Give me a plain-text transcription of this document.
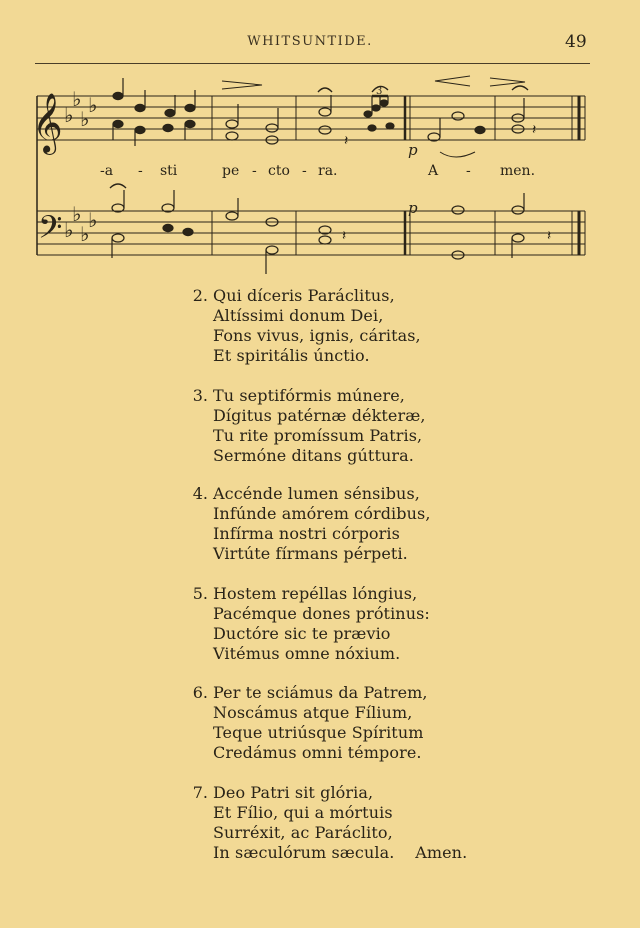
WHITSUNTIDE.	49
𝄞
𝄢
♭
♭
♭
♭
♭
♭
♭
♭
3
p
p
𝄽
𝄽
𝄽	𝄽
-a - sti	pe - cto - ra.	A - men.
2. Qui díceris Paráclitus,
Altíssimi donum Dei,
Fons vivus, ignis, cáritas,
Et spiritális únctio.
3. Tu septifórmis múnere,
Dígitus patérnæ dékteræ,
Tu rite promíssum Patris,
Sermóne ditans gúttura.
4. Accénde lumen sénsibus,
Infúnde amórem córdibus,
Infírma nostri córporis
Virtúte fírmans pérpeti.
5. Hostem repéllas lóngius,
Pacémque dones prótinus:
Ductóre sic te prævio
Vitémus omne nóxium.
6. Per te sciámus da Patrem,
Noscámus atque Fílium,
Teque utriúsque Spíritum
Credámus omni témpore.
7. Deo Patri sit glória,
Et Fílio, qui a mórtuis
Surréxit, ac Paráclito,
In sæculórum sæcula.    Amen.
